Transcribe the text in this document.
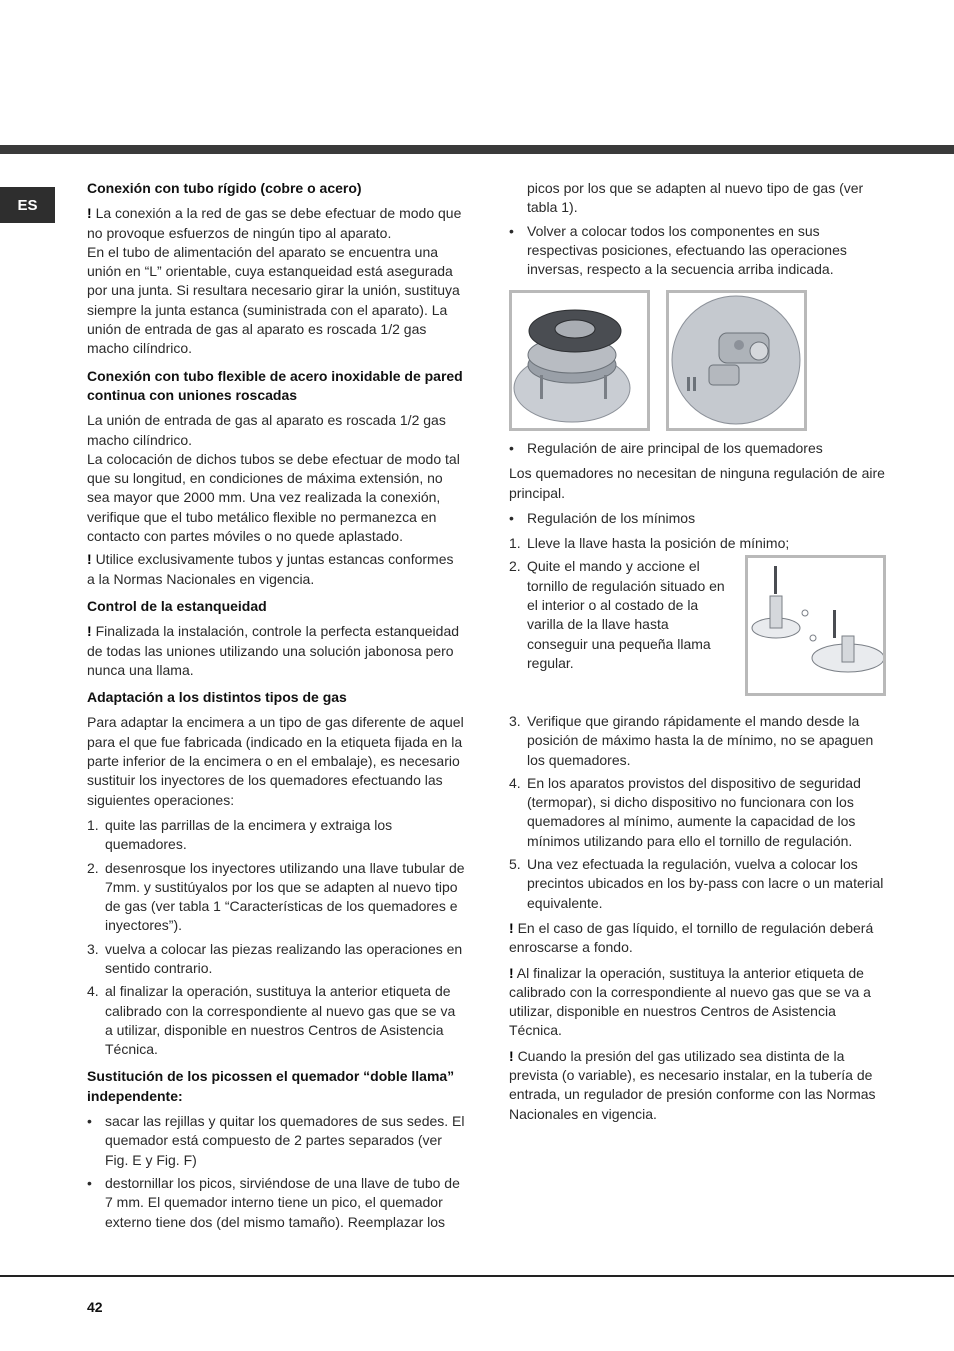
ES

Conexión con tubo rígido (cobre o acero)

! La conexión a la red de gas se debe efectuar de modo que no provoque esfuerzos de ningún tipo al aparato.

En el tubo de alimentación del aparato se encuentra una unión en “L” orientable, cuya estanqueidad está asegurada por una junta. Si resultara necesario girar la unión, sustituya siempre la junta estanca (suministrada con el aparato). La unión de entrada de gas al aparato es roscada 1/2 gas macho cilíndrico.

Conexión con tubo flexible de acero inoxidable de pared continua con uniones roscadas

La unión de entrada de gas al aparato es roscada 1/2 gas macho cilíndrico.

La colocación de dichos tubos se debe efectuar de modo tal que su longitud, en condiciones de máxima extensión, no sea mayor que 2000 mm. Una vez realizada la conexión, verifique que el tubo metálico flexible no permanezca en contacto con partes móviles o no quede aplastado.

! Utilice exclusivamente tubos y juntas estancas conformes a la Normas Nacionales en vigencia.

Control de la estanqueidad

! Finalizada la instalación, controle la perfecta estanqueidad de todas las uniones utilizando una solución jabonosa pero nunca una llama.

Adaptación a los distintos tipos de gas

Para adaptar la encimera a un tipo de gas diferente de aquel para el que fue fabricada (indicado en la etiqueta fijada en la parte inferior de la encimera o en el embalaje), es necesario sustituir los inyectores de los quemadores efectuando las siguientes operaciones:

1. quite las parrillas de la encimera y extraiga los quemadores.
2. desenrosque los inyectores utilizando una llave tubular de 7mm. y sustitúyalos por los que se adapten al nuevo tipo de gas (ver tabla 1 “Características de los quemadores e inyectores”).
3. vuelva a colocar las piezas realizando las operaciones en sentido contrario.
4. al finalizar la operación, sustituya la anterior etiqueta de calibrado con la correspondiente al nuevo gas que se va a utilizar, disponible en nuestros Centros de Asistencia Técnica.

Sustitución de los picossen el quemador “doble llama” independente:

• sacar las rejillas y quitar los quemadores de sus sedes. El quemador está compuesto de 2 partes separados (ver Fig. E y Fig. F)
• destornillar los picos, sirviéndose de una llave de tubo de 7 mm. El quemador interno tiene un pico, el quemador externo tiene dos (del mismo tamaño). Reemplazar los

picos por los que se adapten al nuevo tipo de gas (ver tabla 1).

• Volver a colocar todos los componentes en sus respectivas posiciones, efectuando las operaciones inversas, respecto a la secuencia arriba indicada.
• Regulación de aire principal de los quemadores

Los quemadores no necesitan de ninguna regulación de aire principal.

• Regulación de los mínimos
1. Lleve la llave hasta la posición de mínimo;
2. Quite el mando y accione el tornillo de regulación situado en el interior o al costado de la varilla de la llave hasta conseguir una pequeña llama regular.
3. Verifique que girando rápidamente el mando desde la posición de máximo hasta la de mínimo, no se apaguen los quemadores.
4. En los aparatos provistos del dispositivo de seguridad (termopar), si dicho dispositivo no funcionara con los quemadores al mínimo, aumente la capacidad de los mínimos utilizando para ello el tornillo de regulación.
5. Una vez efectuada la regulación, vuelva a colocar los precintos ubicados en los by-pass con lacre o un material equivalente.

! En el caso de gas líquido, el tornillo de regulación deberá enroscarse a fondo.

! Al finalizar la operación, sustituya la anterior etiqueta de calibrado con la correspondiente al nuevo gas que se va a utilizar, disponible en nuestros Centros de Asistencia Técnica.

! Cuando la presión del gas utilizado sea distinta de la prevista (o variable), es necesario instalar, en la tubería de entrada, un regulador de presión conforme con las Normas Nacionales en vigencia.

42
